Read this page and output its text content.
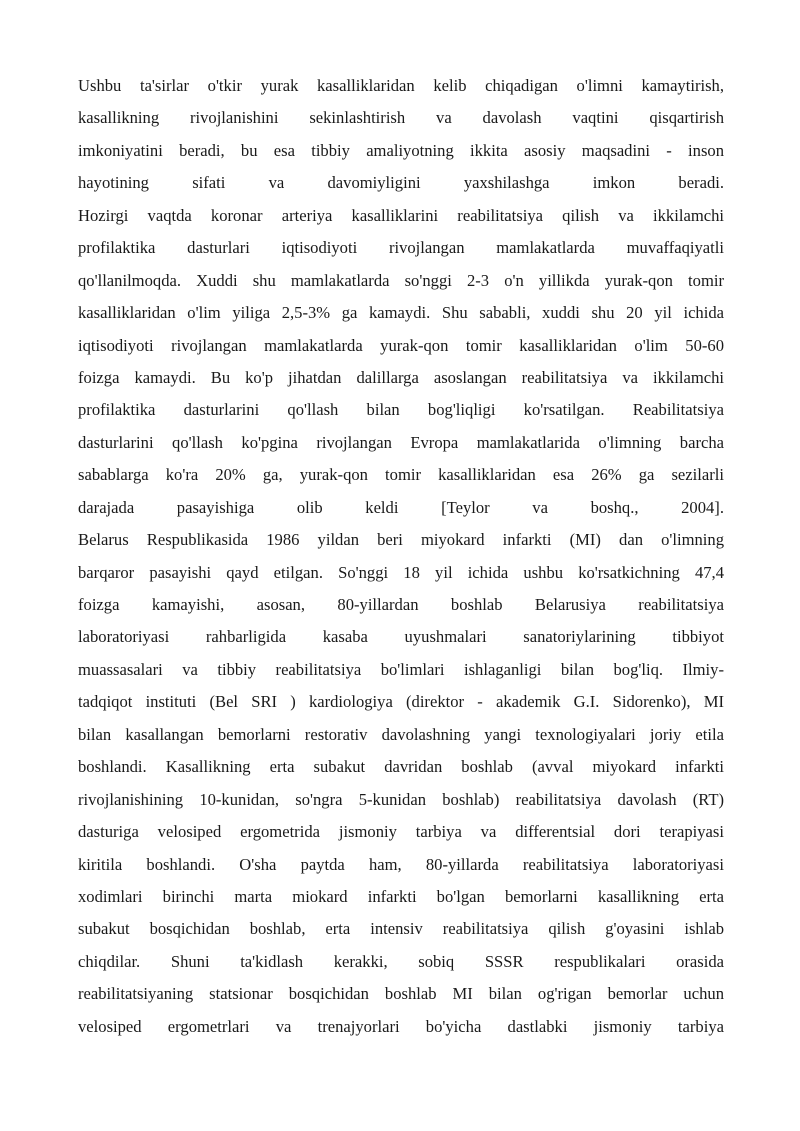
Ushbu ta'sirlar o'tkir yurak kasalliklaridan kelib chiqadigan o'limni kamaytirish,
kasallikning rivojlanishini sekinlashtirish va davolash vaqtini qisqartirish
imkoniyatini beradi, bu esa tibbiy amaliyotning ikkita asosiy maqsadini - inson
hayotining sifati va davomiyligini yaxshilashga imkon beradi.
Hozirgi vaqtda koronar arteriya kasalliklarini reabilitatsiya qilish va ikkilamchi
profilaktika dasturlari iqtisodiyoti rivojlangan mamlakatlarda muvaffaqiyatli
qo'llanilmoqda. Xuddi shu mamlakatlarda so'nggi 2-3 o'n yillikda yurak-qon tomir
kasalliklaridan o'lim yiliga 2,5-3% ga kamaydi. Shu sababli, xuddi shu 20 yil ichida
iqtisodiyoti rivojlangan mamlakatlarda yurak-qon tomir kasalliklaridan o'lim 50-60
foizga kamaydi. Bu ko'p jihatdan dalillarga asoslangan reabilitatsiya va ikkilamchi
profilaktika dasturlarini qo'llash bilan bog'liqligi ko'rsatilgan. Reabilitatsiya
dasturlarini qo'llash ko'pgina rivojlangan Evropa mamlakatlarida o'limning barcha
sabablarga ko'ra 20% ga, yurak-qon tomir kasalliklaridan esa 26% ga sezilarli
darajada pasayishiga olib keldi [Teylor va boshq., 2004].
Belarus Respublikasida 1986 yildan beri miyokard infarkti (MI) dan o'limning
barqaror pasayishi qayd etilgan. So'nggi 18 yil ichida ushbu ko'rsatkichning 47,4
foizga kamayishi, asosan, 80-yillardan boshlab Belarusiya reabilitatsiya
laboratoriyasi rahbarligida kasaba uyushmalari sanatoriylarining tibbiyot
muassasalari va tibbiy reabilitatsiya bo'limlari ishlaganligi bilan bog'liq. Ilmiy-
tadqiqot instituti (Bel SRI ) kardiologiya (direktor - akademik G.I. Sidorenko), MI
bilan kasallangan bemorlarni restorativ davolashning yangi texnologiyalari joriy etila
boshlandi. Kasallikning erta subakut davridan boshlab (avval miyokard infarkti
rivojlanishining 10-kunidan, so'ngra 5-kunidan boshlab) reabilitatsiya davolash (RT)
dasturiga velosiped ergometrida jismoniy tarbiya va differentsial dori terapiyasi
kiritila boshlandi. O'sha paytda ham, 80-yillarda reabilitatsiya laboratoriyasi
xodimlari birinchi marta miokard infarkti bo'lgan bemorlarni kasallikning erta
subakut bosqichidan boshlab, erta intensiv reabilitatsiya qilish g'oyasini ishlab
chiqdilar. Shuni ta'kidlash kerakki, sobiq SSSR respublikalari orasida
reabilitatsiyaning statsionar bosqichidan boshlab MI bilan og'rigan bemorlar uchun
velosiped ergometrlari va trenajyorlari bo'yicha dastlabki jismoniy tarbiya
